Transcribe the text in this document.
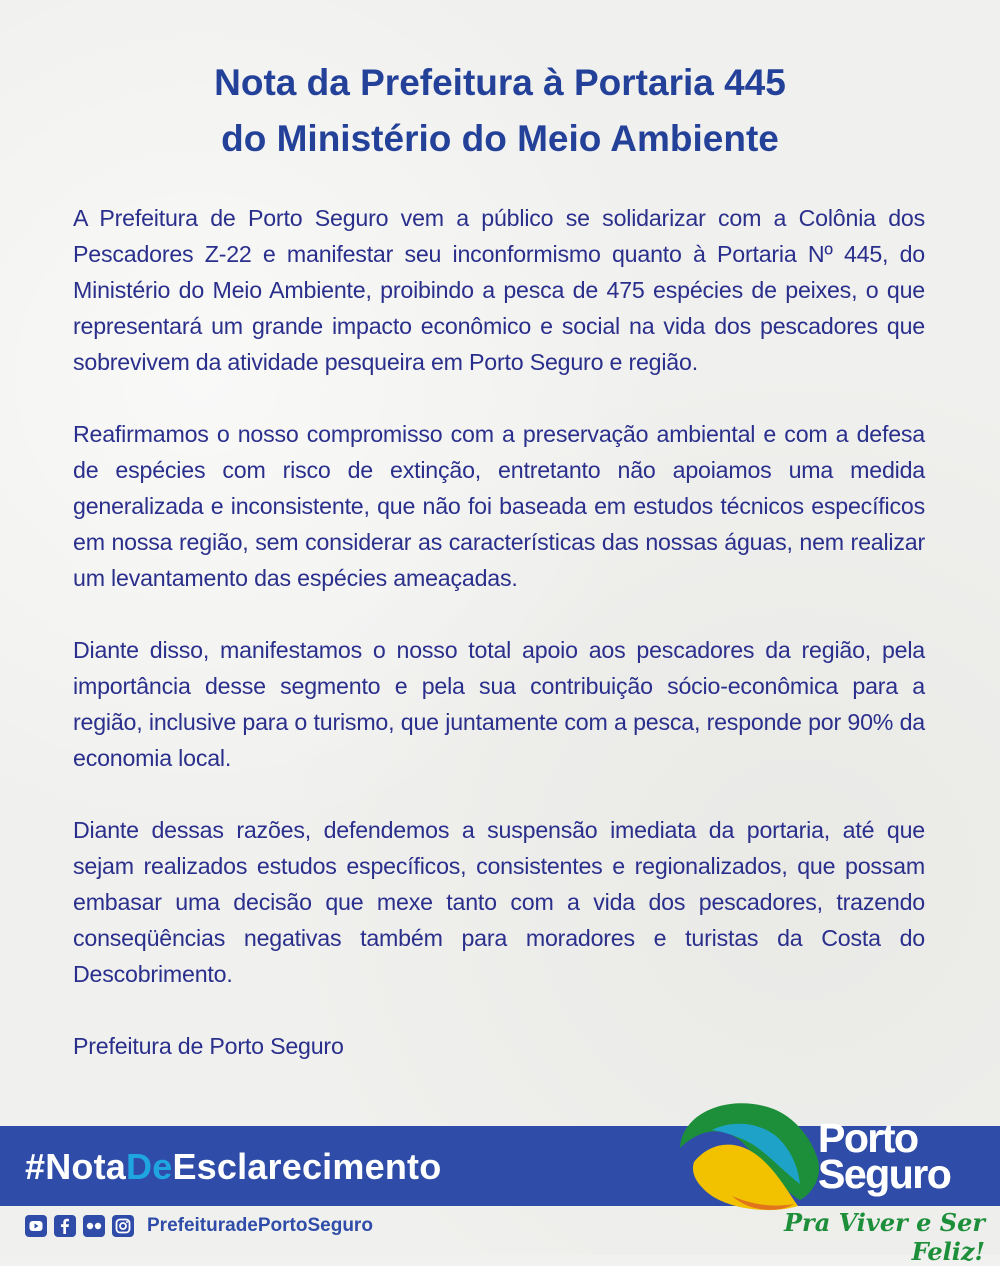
Nota da Prefeitura à Portaria 445
do Ministério do Meio Ambiente

A Prefeitura de Porto Seguro vem a público se solidarizar com a Colônia dos Pescadores Z-22 e manifestar seu inconformismo quanto à Portaria Nº 445, do Ministério do Meio Ambiente, proibindo a pesca de 475 espécies de peixes, o que representará um grande impacto econômico e social na vida dos pescadores que sobrevivem da atividade pesqueira em Porto Seguro e região.

Reafirmamos o nosso compromisso com a preservação ambiental e com a defesa de espécies com risco de extinção, entretanto não apoiamos uma medida generalizada e inconsistente, que não foi baseada em estudos técnicos específicos em nossa região, sem considerar as características das nossas águas, nem realizar um levantamento das espécies ameaçadas.

Diante disso, manifestamos o nosso total apoio aos pescadores da região, pela importância desse segmento e pela sua contribuição sócio-econômica para a região, inclusive para o turismo, que juntamente com a pesca, responde por 90% da economia local.

Diante dessas razões, defendemos a suspensão imediata da portaria, até que sejam realizados estudos específicos, consistentes e regionalizados, que possam embasar uma decisão que mexe tanto com a vida dos pescadores, trazendo conseqüências negativas também para moradores e turistas da Costa do Descobrimento.

Prefeitura de Porto Seguro

#NotaDeEsclarecimento
PrefeituradePortoSeguro
Porto
Seguro
Pra Viver e Ser Feliz!
